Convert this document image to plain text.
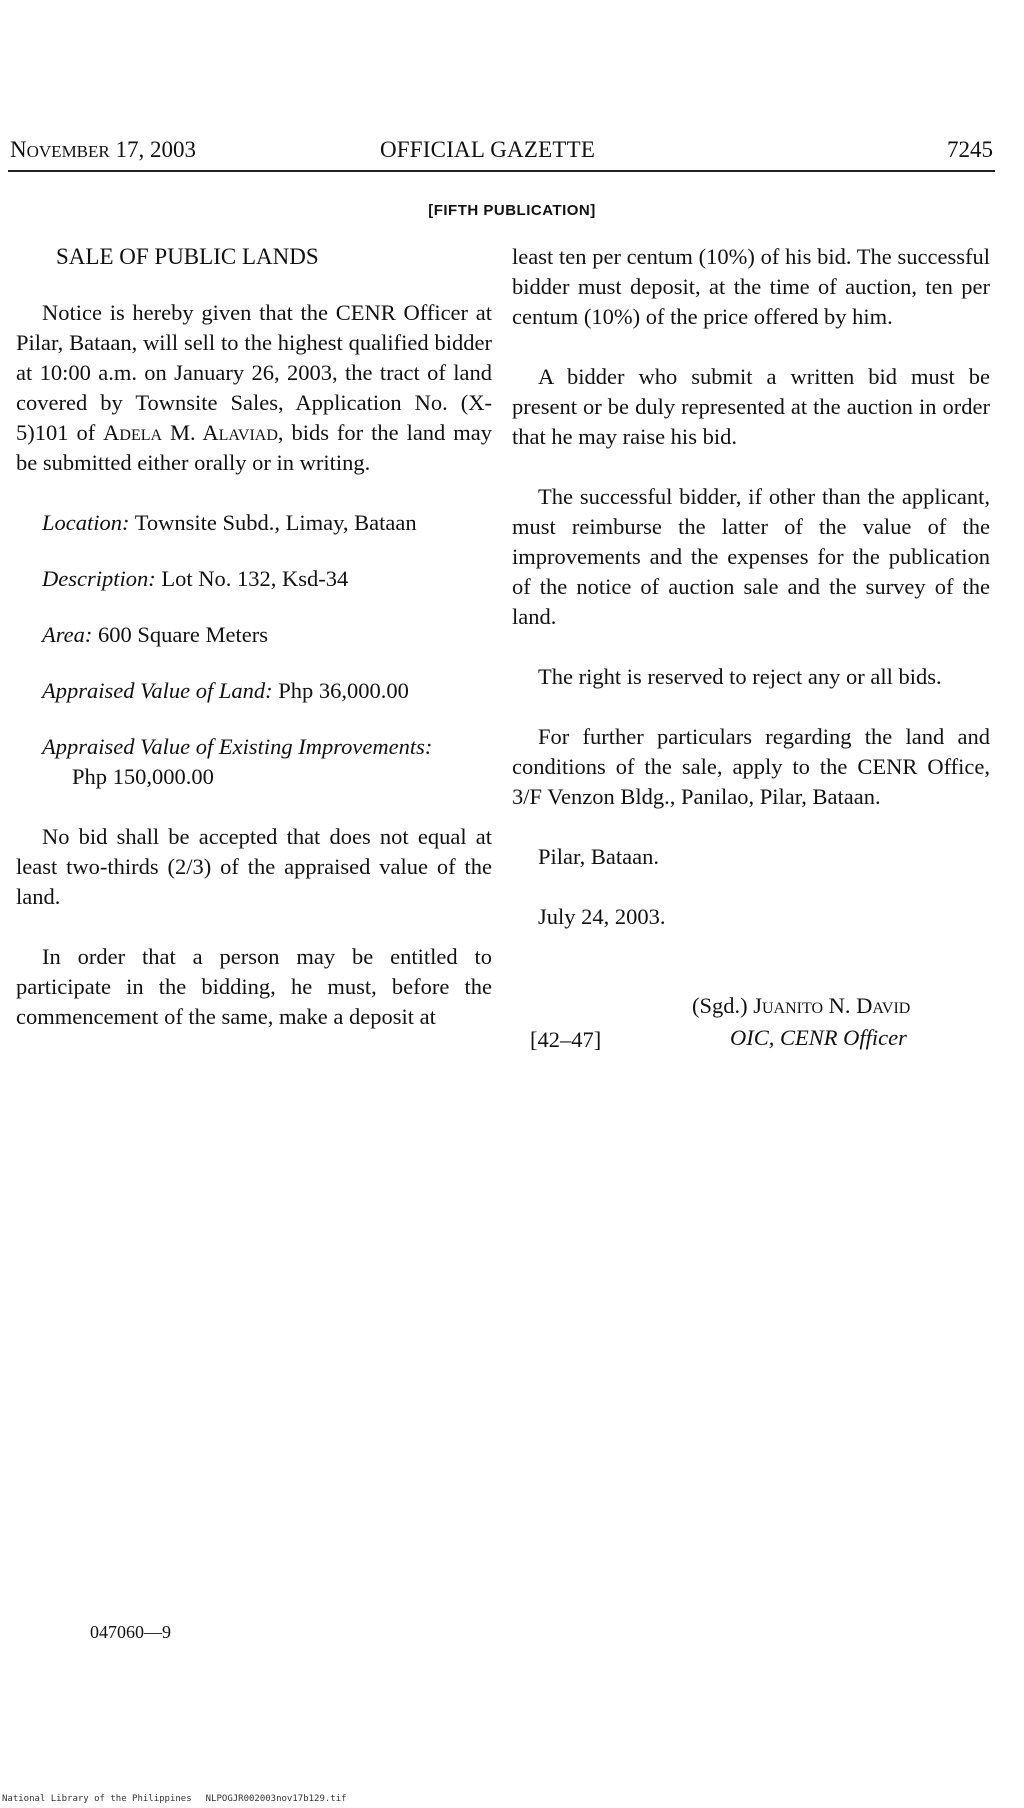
NOVEMBER 17, 2003	OFFICIAL GAZETTE	7245
[FIFTH PUBLICATION]

SALE OF PUBLIC LANDS

Notice is hereby given that the CENR Officer at Pilar, Bataan, will sell to the highest qualified bidder at 10:00 a.m. on January 26, 2003, the tract of land covered by Townsite Sales, Application No. (X-5)101 of Adela M. Alaviad, bids for the land may be submitted either orally or in writing.

Location: Townsite Subd., Limay, Bataan

Description: Lot No. 132, Ksd-34

Area: 600 Square Meters

Appraised Value of Land: Php 36,000.00

Appraised Value of Existing Improvements:
Php 150,000.00

No bid shall be accepted that does not equal at least two-thirds (2/3) of the appraised value of the land.

In order that a person may be entitled to participate in the bidding, he must, before the commencement of the same, make a deposit at

least ten per centum (10%) of his bid. The successful bidder must deposit, at the time of auction, ten per centum (10%) of the price offered by him.

A bidder who submit a written bid must be present or be duly represented at the auction in order that he may raise his bid.

The successful bidder, if other than the applicant, must reimburse the latter of the value of the improvements and the expenses for the publication of the notice of auction sale and the survey of the land.

The right is reserved to reject any or all bids.

For further particulars regarding the land and conditions of the sale, apply to the CENR Office, 3/F Venzon Bldg., Panilao, Pilar, Bataan.

Pilar, Bataan.

July 24, 2003.

(Sgd.) Juanito N. David
[42–47]	OIC, CENR Officer
047060—9
National Library of the Philippines NLPOGJR002003nov17b129.tif
